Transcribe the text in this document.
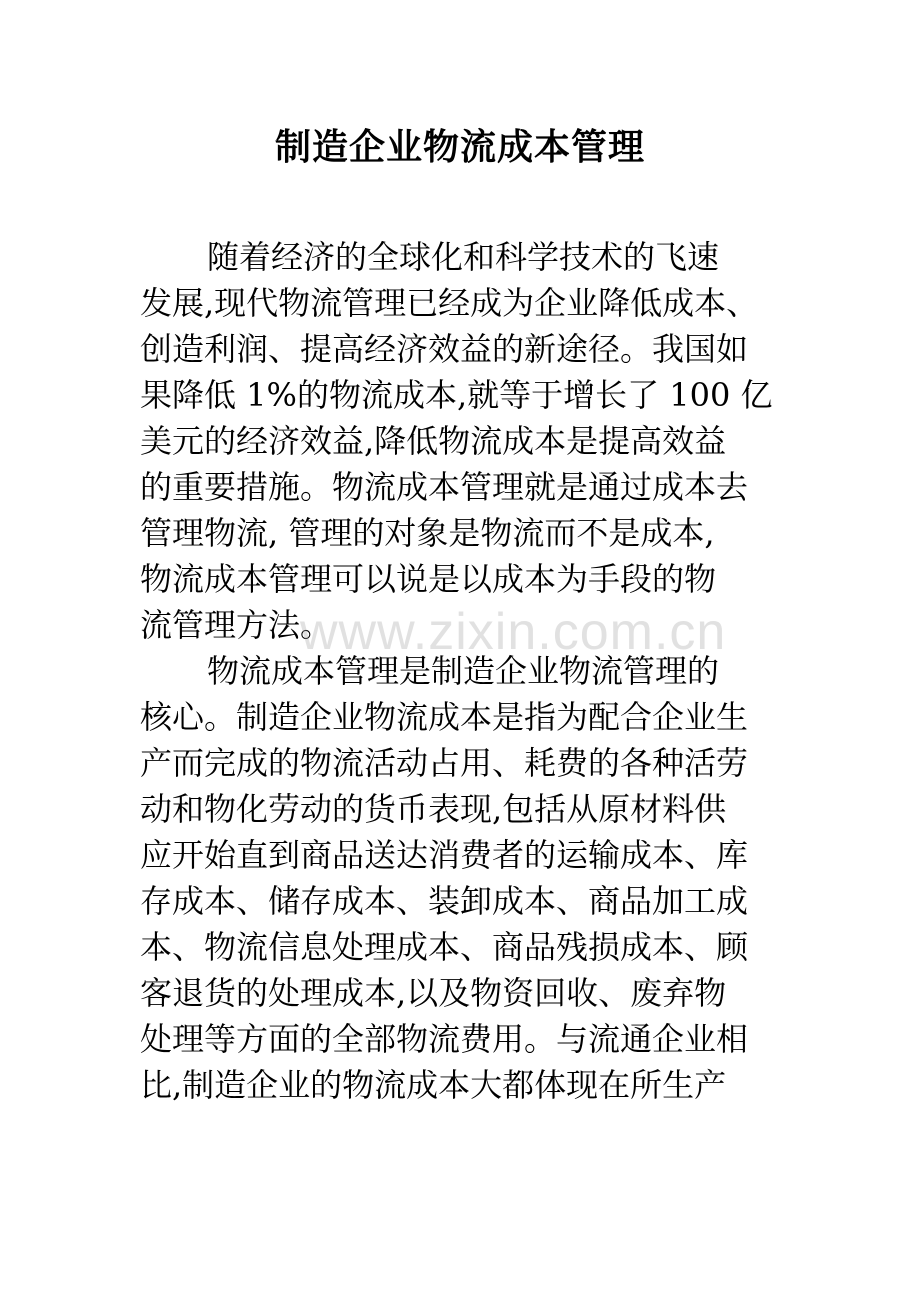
制造企业物流成本管理
随着经济的全球化和科学技术的飞速
发展,现代物流管理已经成为企业降低成本、
创造利润、提高经济效益的新途径。我国如
果降低 1%的物流成本,就等于增长了 100 亿
美元的经济效益,降低物流成本是提高效益
的重要措施。物流成本管理就是通过成本去
管理物流, 管理的对象是物流而不是成本,
物流成本管理可以说是以成本为手段的物
流管理方法。
物流成本管理是制造企业物流管理的
核心。制造企业物流成本是指为配合企业生
产而完成的物流活动占用、耗费的各种活劳
动和物化劳动的货币表现,包括从原材料供
应开始直到商品送达消费者的运输成本、库
存成本、储存成本、装卸成本、商品加工成
本、物流信息处理成本、商品残损成本、顾
客退货的处理成本,以及物资回收、废弃物
处理等方面的全部物流费用。与流通企业相
比,制造企业的物流成本大都体现在所生产
www.zixin.com.cn
